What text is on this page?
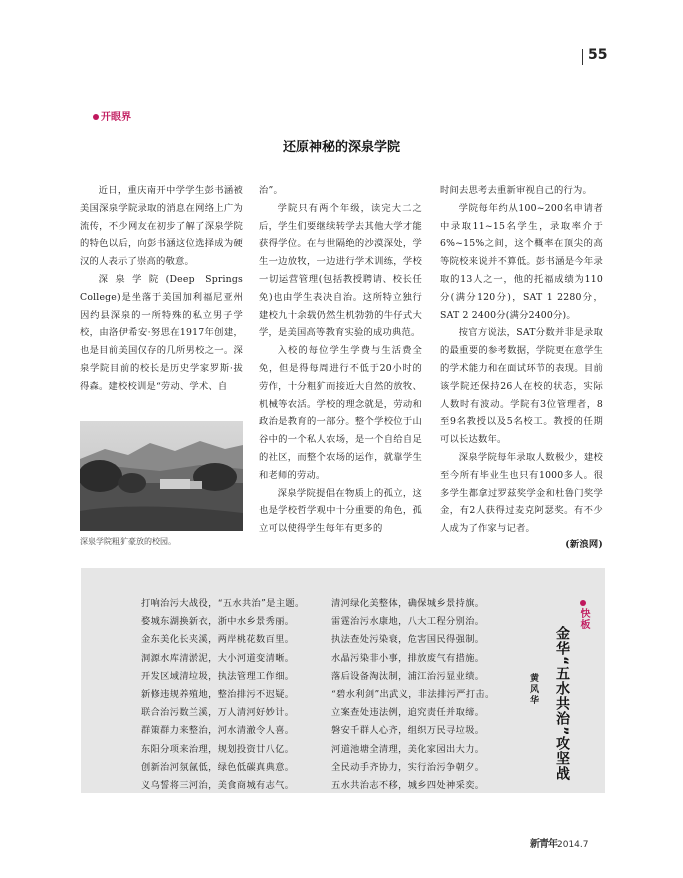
55
开眼界
还原神秘的深泉学院

近日，重庆南开中学学生彭书涵被美国深泉学院录取的消息在网络上广为流传，不少网友在初步了解了深泉学院的特色以后，向彭书涵这位选择成为硬汉的人表示了崇高的敬意。

深泉学院(Deep Springs College)是坐落于美国加利福尼亚州因约县深泉的一所特殊的私立男子学校，由洛伊希安·努思在1917年创建，也是目前美国仅存的几所男校之一。深泉学院目前的校长是历史学家罗斯·拔得森。建校校训是“劳动、学术、自

深泉学院粗犷豪放的校园。

治”。

学院只有两个年级，读完大二之后，学生们要继续转学去其他大学才能获得学位。在与世隔绝的沙漠深处，学生一边放牧，一边进行学术训练，学校一切运营管理(包括教授聘请、校长任免)也由学生表决自治。这所特立独行建校九十余载仍然生机勃勃的牛仔式大学，是美国高等教育实验的成功典范。

入校的每位学生学费与生活费全免，但是得每周进行不低于20小时的劳作，十分粗犷而接近大自然的放牧、机械等农活。学校的理念就是，劳动和政治是教育的一部分。整个学校位于山谷中的一个私人农场，是一个自给自足的社区，而整个农场的运作，就靠学生和老师的劳动。

深泉学院提倡在物质上的孤立，这也是学校哲学观中十分重要的角色，孤立可以使得学生每年有更多的

时间去思考去重新审视自己的行为。

学院每年约从100~200名申请者中录取11~15名学生，录取率介于6%~15%之间，这个概率在顶尖的高等院校来说并不算低。彭书涵是今年录取的13人之一，他的托福成绩为110分(满分120分)，SAT 1 2280分，SAT 2 2400分(满分2400分)。

按官方说法，SAT分数并非是录取的最重要的参考数据，学院更在意学生的学术能力和在面试环节的表现。目前该学院还保持26人在校的状态，实际人数时有波动。学院有3位管理者，8至9名教授以及5名校工。教授的任期可以长达数年。

深泉学院每年录取人数极少，建校至今所有毕业生也只有1000多人。很多学生都拿过罗兹奖学金和杜鲁门奖学金，有2人获得过麦克阿瑟奖。有不少人成为了作家与记者。

(新浪网)
打响治污大战役，“五水共治”是主题。
婺城东湖换新衣，浙中水乡景秀丽。
金东美化长夹溪，两岸桃花数百里。
洞源水库清淤泥，大小河道变清晰。
开发区域清垃圾，执法管理工作细。
新修违规养殖地，整治排污不迟疑。
联合治污数兰溪，万人清河好妙计。
群策群力来整治，河水清澈令人喜。
东阳分项来治理，规划投资廿八亿。
创新治河氛氤低，绿色低碳真典意。
义乌誓将三河治，美食商城有志气。
清河绿化美整体，确保城乡景持旗。
雷霆治污水康地，八大工程分别治。
执法查处污染衰，危害国民得强制。
水晶污染非小事，排放废气有措施。
落后设备淘汰制，浦江治污显业绩。
“碧水利剑”出武义，非法排污严打击。
立案查处违法例，追究责任并取缔。
磐安千群人心齐，组织万民寻垃圾。
河道池塘全清理，美化家园出大力。
全民动手齐协力，实行治污争朝夕。
五水共治志不移，城乡四处神采奕。
快板
金华“五水共治”攻坚战
黄风华
新青年2014.7
